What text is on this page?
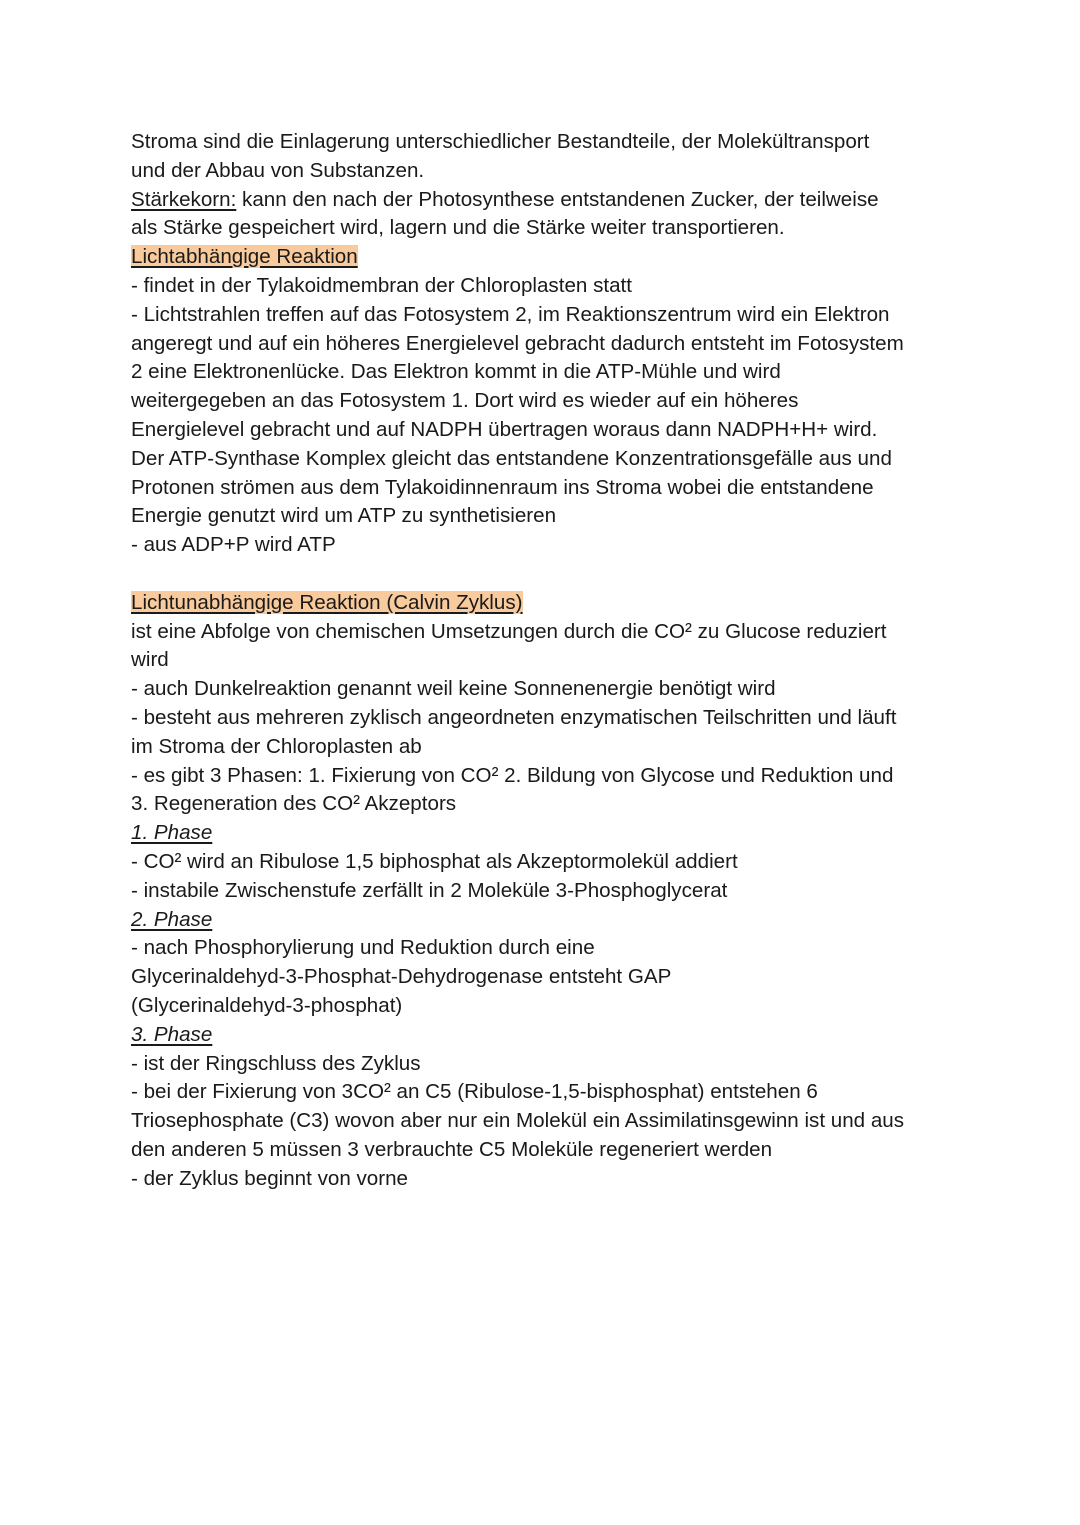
Stroma sind die Einlagerung unterschiedlicher Bestandteile, der Molekültransport
und der Abbau von Substanzen.
Stärkekorn: kann den nach der Photosynthese entstandenen Zucker, der teilweise
als Stärke gespeichert wird, lagern und die Stärke weiter transportieren.
Lichtabhängige Reaktion
- findet in der Tylakoidmembran der Chloroplasten statt
- Lichtstrahlen treffen auf das Fotosystem 2, im Reaktionszentrum wird ein Elektron
angeregt und auf ein höheres Energielevel gebracht dadurch entsteht im Fotosystem
2 eine Elektronenlücke. Das Elektron kommt in die ATP-Mühle und wird
weitergegeben an das Fotosystem 1. Dort wird es wieder auf ein höheres
Energielevel gebracht und auf NADPH übertragen woraus dann NADPH+H+ wird.
Der ATP-Synthase Komplex gleicht das entstandene Konzentrationsgefälle aus und
Protonen strömen aus dem Tylakoidinnenraum ins Stroma wobei die entstandene
Energie genutzt wird um ATP zu synthetisieren
- aus ADP+P wird ATP
Lichtunabhängige Reaktion (Calvin Zyklus)
ist eine Abfolge von chemischen Umsetzungen durch die CO² zu Glucose reduziert
wird
- auch Dunkelreaktion genannt weil keine Sonnenenergie benötigt wird
- besteht aus mehreren zyklisch angeordneten enzymatischen Teilschritten und läuft
im Stroma der Chloroplasten ab
- es gibt 3 Phasen: 1. Fixierung von CO² 2. Bildung von Glycose und Reduktion und
3. Regeneration des CO² Akzeptors
1. Phase
- CO² wird an Ribulose 1,5 biphosphat als Akzeptormolekül addiert
- instabile Zwischenstufe zerfällt in 2 Moleküle 3-Phosphoglycerat
2. Phase
- nach Phosphorylierung und Reduktion durch eine
Glycerinaldehyd-3-Phosphat-Dehydrogenase entsteht GAP
(Glycerinaldehyd-3-phosphat)
3. Phase
- ist der Ringschluss des Zyklus
- bei der Fixierung von 3CO² an C5 (Ribulose-1,5-bisphosphat) entstehen 6
Triosephosphate (C3) wovon aber nur ein Molekül ein Assimilatinsgewinn ist und aus
den anderen 5 müssen 3 verbrauchte C5 Moleküle regeneriert werden
- der Zyklus beginnt von vorne
